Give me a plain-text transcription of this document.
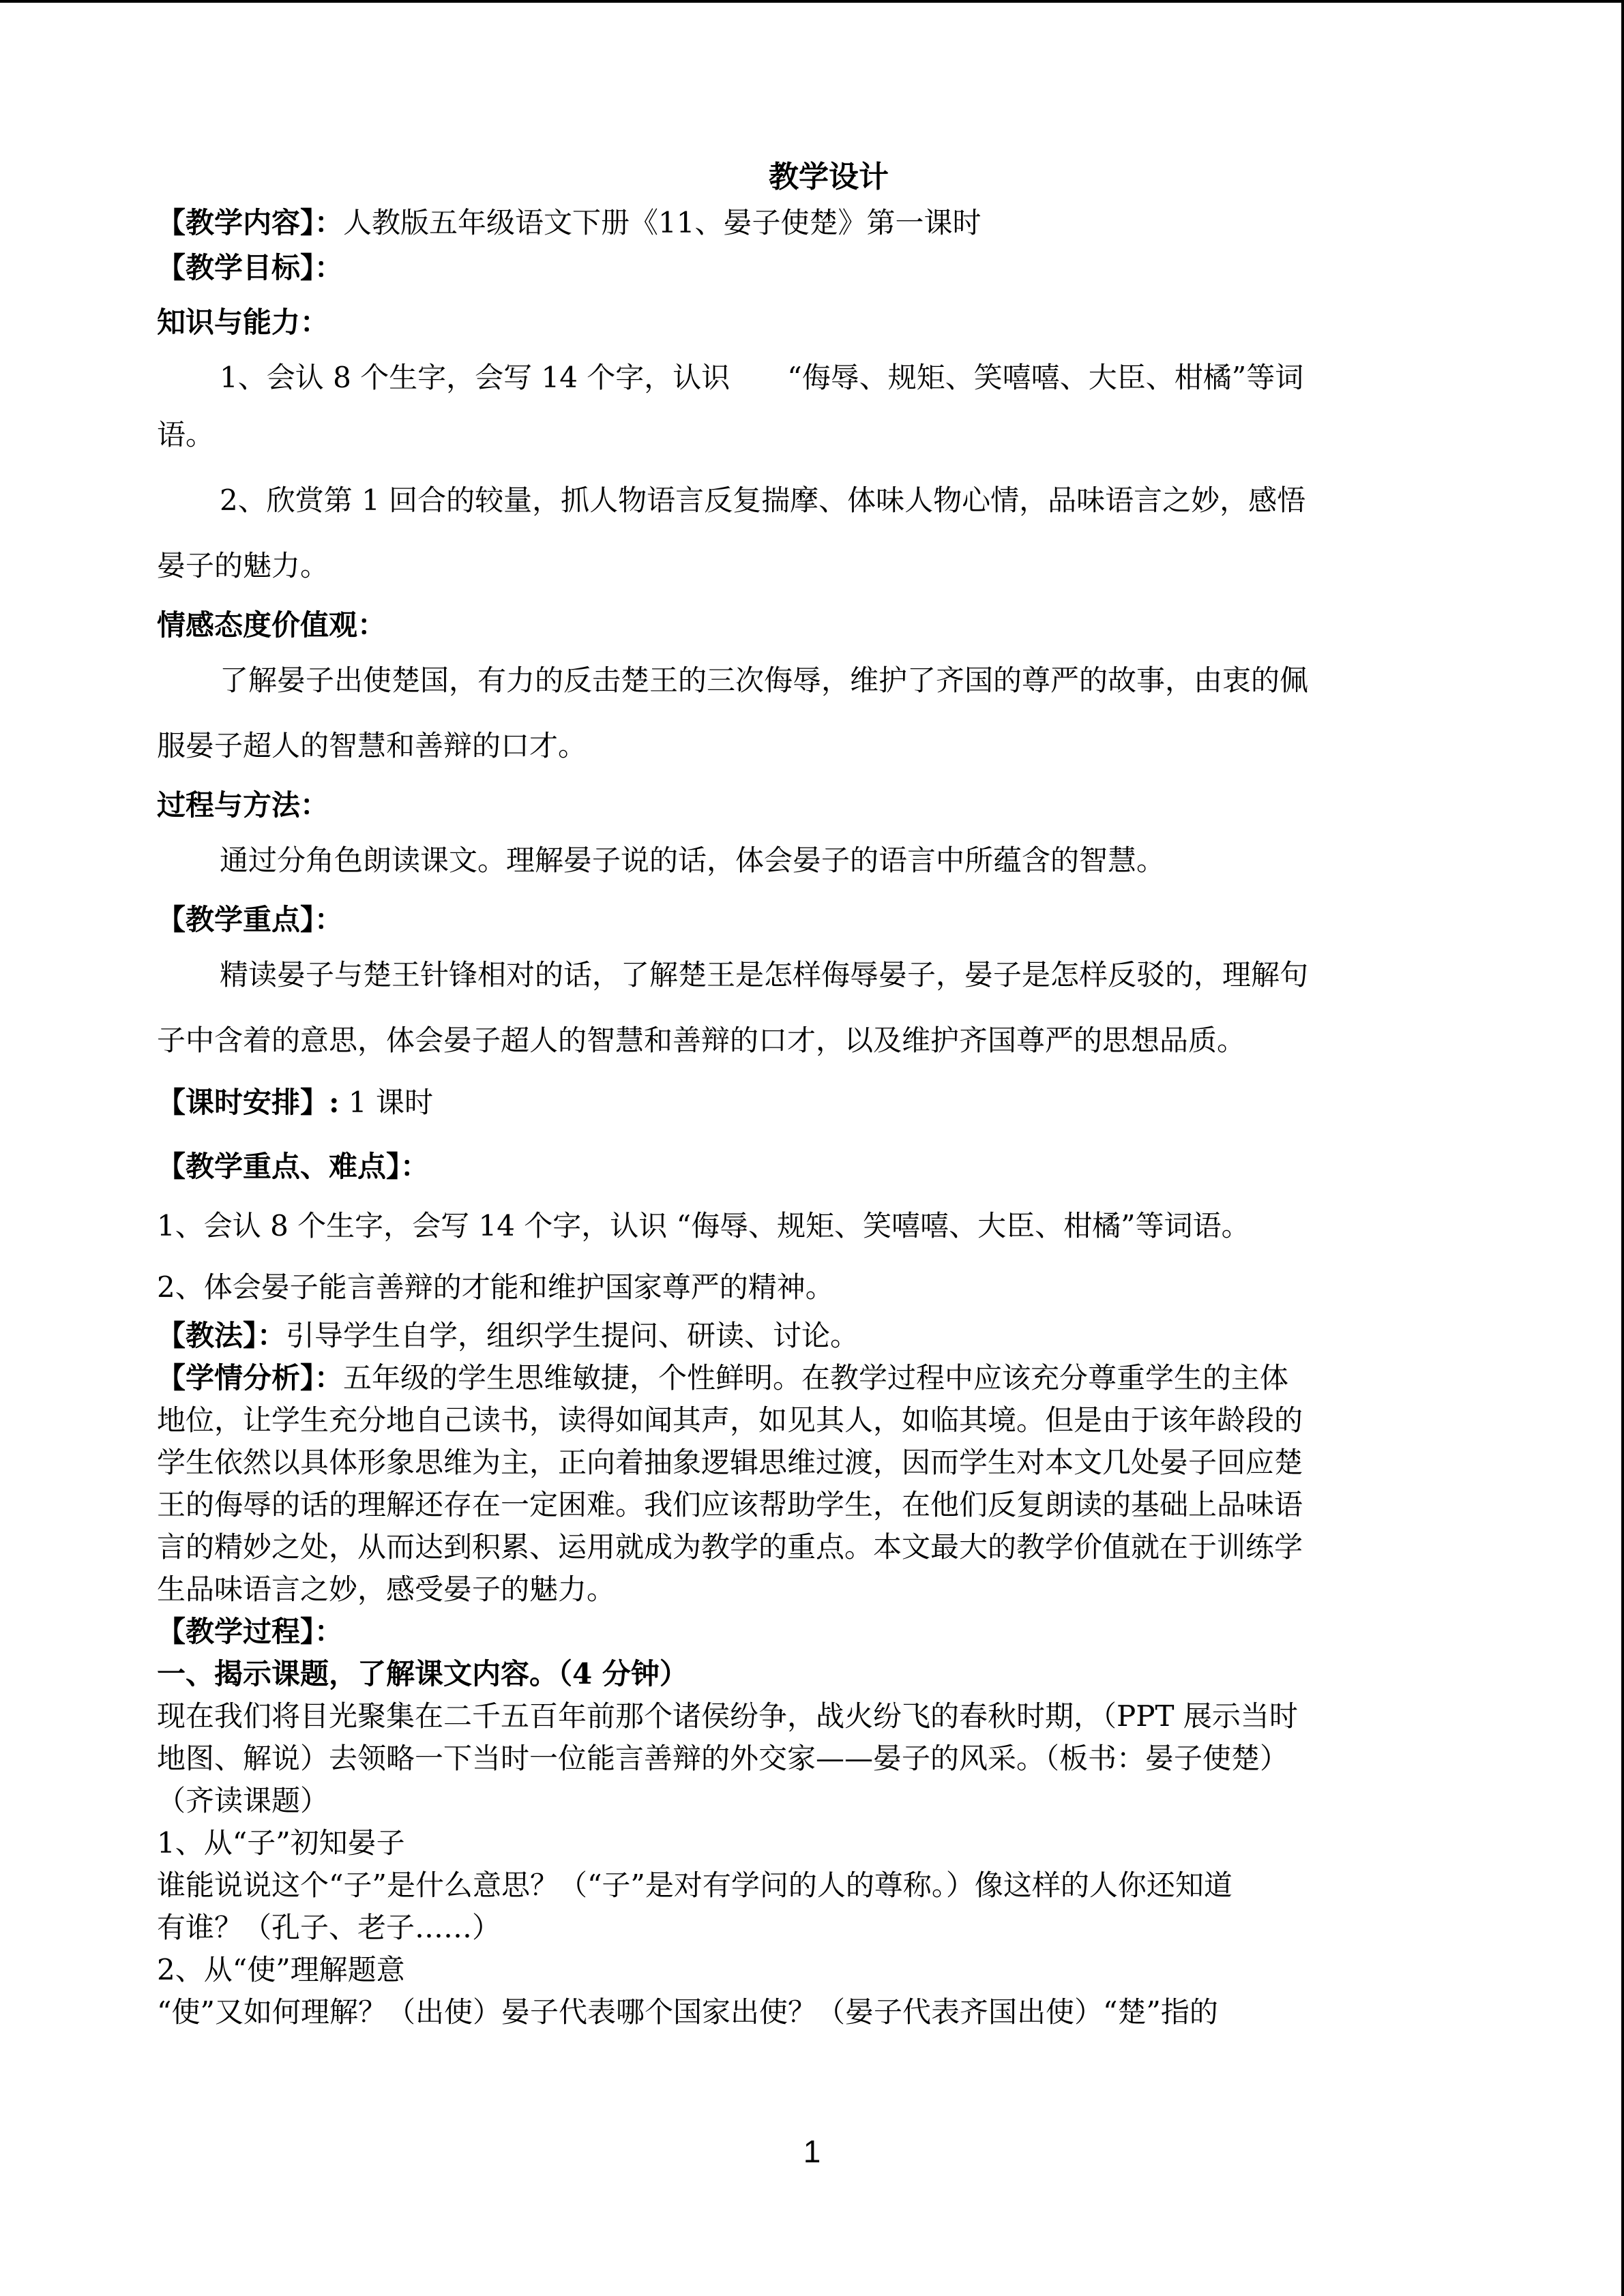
教学设计
【教学内容】：人教版五年级语文下册《11、晏子使楚》第一课时
【教学目标】：
知识与能力：
1、会认 8 个生字，会写 14 个字，认识　　“侮辱、规矩、笑嘻嘻、大臣、柑橘”等词
语。
2、欣赏第 1 回合的较量，抓人物语言反复揣摩、体味人物心情，品味语言之妙，感悟
晏子的魅力。
情感态度价值观：
了解晏子出使楚国，有力的反击楚王的三次侮辱，维护了齐国的尊严的故事，由衷的佩
服晏子超人的智慧和善辩的口才。
过程与方法：
通过分角色朗读课文。理解晏子说的话，体会晏子的语言中所蕴含的智慧。
【教学重点】：
精读晏子与楚王针锋相对的话，了解楚王是怎样侮辱晏子，晏子是怎样反驳的，理解句
子中含着的意思，体会晏子超人的智慧和善辩的口才，以及维护齐国尊严的思想品质。
【课时安排】: 1 课时
【教学重点、难点】：
1、会认 8 个生字，会写 14 个字，认识 “侮辱、规矩、笑嘻嘻、大臣、柑橘”等词语。
2、体会晏子能言善辩的才能和维护国家尊严的精神。
【教法】：引导学生自学，组织学生提问、研读、讨论。
【学情分析】：五年级的学生思维敏捷，个性鲜明。在教学过程中应该充分尊重学生的主体
地位，让学生充分地自己读书，读得如闻其声，如见其人，如临其境。但是由于该年龄段的
学生依然以具体形象思维为主，正向着抽象逻辑思维过渡，因而学生对本文几处晏子回应楚
王的侮辱的话的理解还存在一定困难。我们应该帮助学生，在他们反复朗读的基础上品味语
言的精妙之处，从而达到积累、运用就成为教学的重点。本文最大的教学价值就在于训练学
生品味语言之妙，感受晏子的魅力。
【教学过程】：
一、揭示课题，了解课文内容。（4 分钟）
现在我们将目光聚集在二千五百年前那个诸侯纷争，战火纷飞的春秋时期，（PPT 展示当时
地图、解说）去领略一下当时一位能言善辩的外交家——晏子的风采。（板书：晏子使楚）
（齐读课题）
1、从“子”初知晏子
谁能说说这个“子”是什么意思？（“子”是对有学问的人的尊称。）像这样的人你还知道
有谁？（孔子、老子……）
2、从“使”理解题意
“使”又如何理解？（出使）晏子代表哪个国家出使？（晏子代表齐国出使）“楚”指的
1
